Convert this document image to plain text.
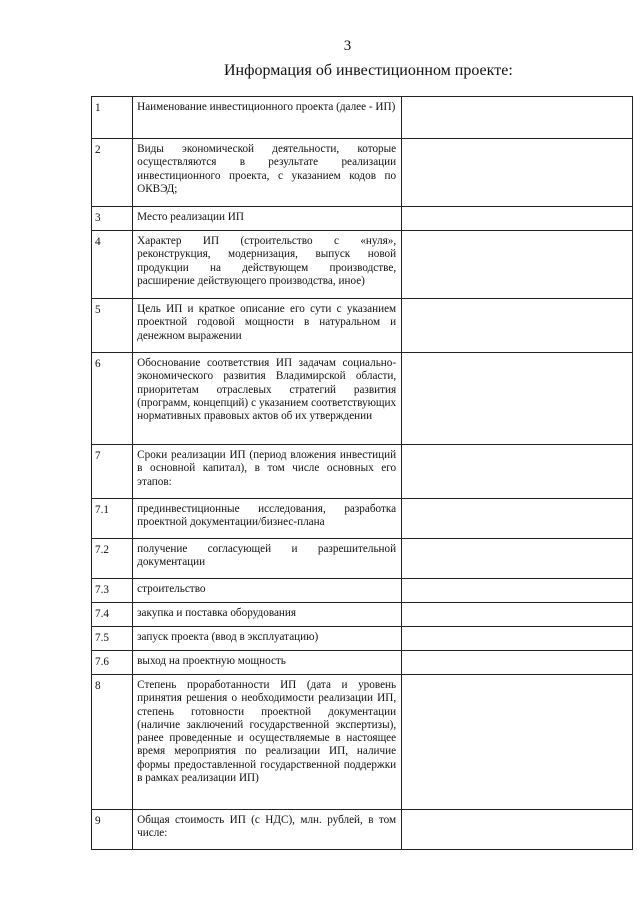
3
Информация об инвестиционном проекте:
1	Наименование инвестиционного проекта (далее - ИП)	
2	Виды экономической деятельности, которые осуществляются в результате реализации инвестиционного проекта, с указанием кодов по ОКВЭД;	
3	Место реализации ИП	
4	Характер ИП (строительство с «нуля», реконструкция, модернизация, выпуск новой продукции на действующем производстве, расширение действующего производства, иное)	
5	Цель ИП и краткое описание его сути с указанием проектной годовой мощности в натуральном и денежном выражении	
6	Обоснование соответствия ИП задачам социально-экономического развития Владимирской области, приоритетам отраслевых стратегий развития (программ, концепций) с указанием соответствующих нормативных правовых актов об их утверждении	
7	Сроки реализации ИП (период вложения инвестиций в основной капитал), в том числе основных его этапов:	
7.1	прединвестиционные исследования, разработка проектной документации/бизнес-плана	
7.2	получение согласующей и разрешительной документации	
7.3	строительство	
7.4	закупка и поставка оборудования	
7.5	запуск проекта (ввод в эксплуатацию)	
7.6	выход на проектную мощность	
8	Степень проработанности ИП (дата и уровень принятия решения о необходимости реализации ИП, степень готовности проектной документации (наличие заключений государственной экспертизы), ранее проведенные и осуществляемые в настоящее время мероприятия по реализации ИП, наличие формы предоставленной государственной поддержки в рамках реализации ИП)	
9	Общая стоимость ИП (с НДС), млн. рублей, в том числе:	
